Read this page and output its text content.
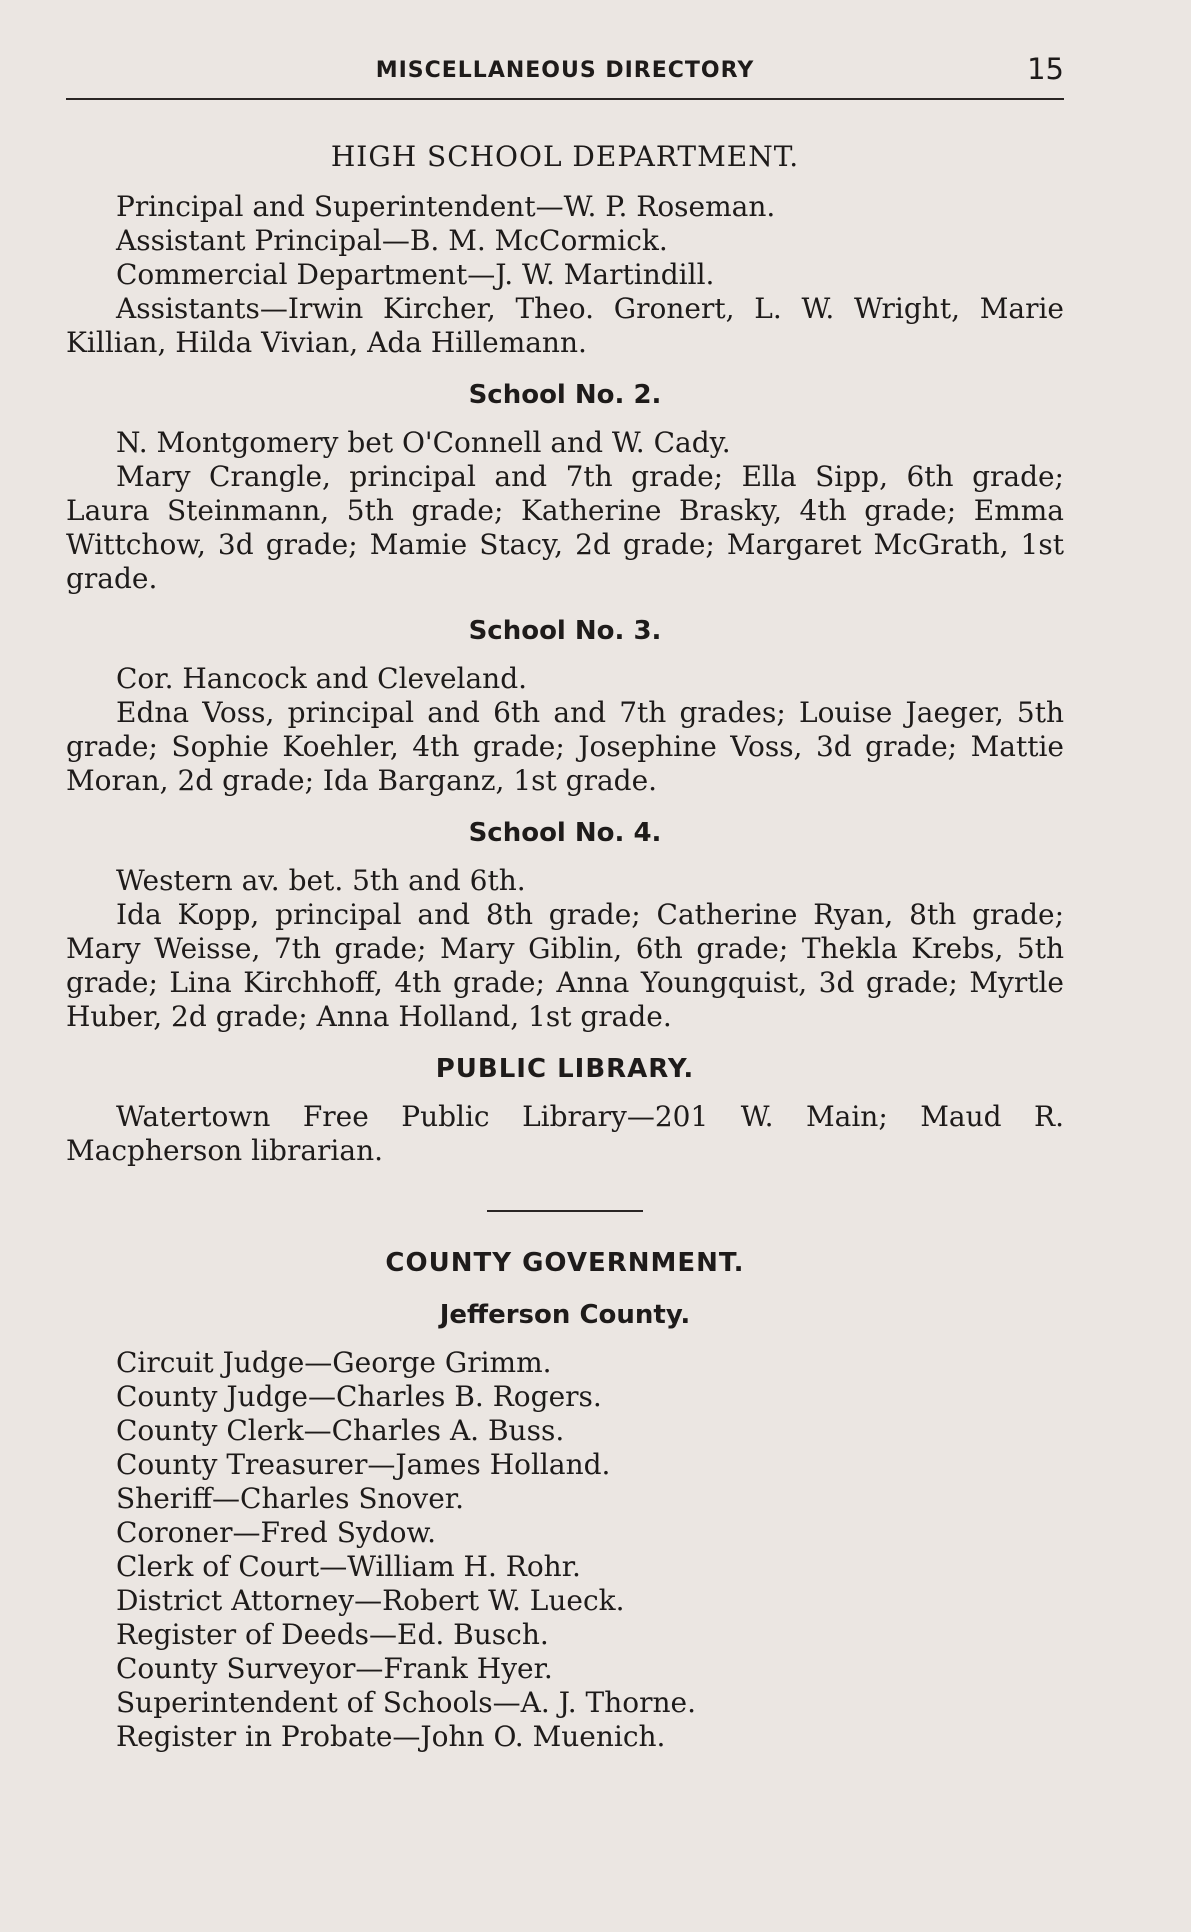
MISCELLANEOUS DIRECTORY	15
HIGH SCHOOL DEPARTMENT.

Principal and Superintendent—W. P. Roseman.

Assistant Principal—B. M. McCormick.

Commercial Department—J. W. Martindill.

Assistants—Irwin Kircher, Theo. Gronert, L. W. Wright, Marie Killian, Hilda Vivian, Ada Hillemann.

School No. 2.

N. Montgomery bet O'Connell and W. Cady.

Mary Crangle, principal and 7th grade; Ella Sipp, 6th grade; Laura Steinmann, 5th grade; Katherine Brasky, 4th grade; Emma Wittchow, 3d grade; Mamie Stacy, 2d grade; Margaret McGrath, 1st grade.

School No. 3.

Cor. Hancock and Cleveland.

Edna Voss, principal and 6th and 7th grades; Louise Jaeger, 5th grade; Sophie Koehler, 4th grade; Josephine Voss, 3d grade; Mattie Moran, 2d grade; Ida Barganz, 1st grade.

School No. 4.

Western av. bet. 5th and 6th.

Ida Kopp, principal and 8th grade; Catherine Ryan, 8th grade; Mary Weisse, 7th grade; Mary Giblin, 6th grade; Thekla Krebs, 5th grade; Lina Kirchhoff, 4th grade; Anna Youngquist, 3d grade; Myrtle Huber, 2d grade; Anna Holland, 1st grade.

PUBLIC LIBRARY.

Watertown Free Public Library—201 W. Main; Maud R. Macpherson librarian.

COUNTY GOVERNMENT.
Jefferson County.

Circuit Judge—George Grimm.

County Judge—Charles B. Rogers.

County Clerk—Charles A. Buss.

County Treasurer—James Holland.

Sheriff—Charles Snover.

Coroner—Fred Sydow.

Clerk of Court—William H. Rohr.

District Attorney—Robert W. Lueck.

Register of Deeds—Ed. Busch.

County Surveyor—Frank Hyer.

Superintendent of Schools—A. J. Thorne.

Register in Probate—John O. Muenich.
